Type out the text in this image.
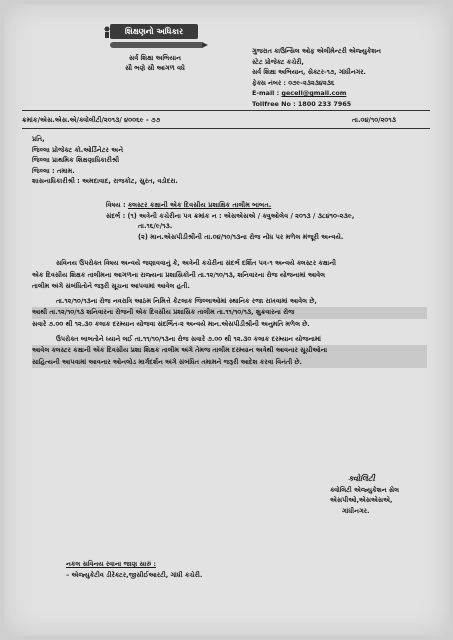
શિક્ષણનો અધિકાર
સર્વ શિક્ષા અભિયાન
સૌ ભણે સૌ આગળ વધે
ગુજરાત કાઉન્સિલ ઓફ એલીમેન્ટરી એજ્યુકેશન
સ્ટેટ પ્રોજેક્ટ કચેરી,
સર્વ શિક્ષા અભિયાન, સેક્ટર-૧૭, ગાંધીનગર.
ફેક્સ નંબર : ૦૭૯-૨૩૨૩૪૨૩૬
E-mail : gecell@gmail.com
Tollfree No : 1800 233 7965
ક્રમાંક/એસ.એસ.એ/ક્વોલીટી/૨૦૧૩/ ૪૦૦૬૯ - ૭૭	તા.૦૪/૧૦/૨૦૧૩
પ્રતિ,
જિલ્લા પ્રોજેક્ટ કો.ઓર્ડિનેટર અને
જિલ્લા પ્રાથમિક શિક્ષણાધિકારીશ્રી
જિલ્લા : તમામ.
શાસનાધિકારીશ્રી : અમદાવાદ, રાજકોટ, સુરત, વડોદરા.
વિષય : ક્લસ્ટર કક્ષાની એક દિવસીય પ્રશાક્ષિક તાલીમ બાબત.
સંદર્ભ : (૧) અત્રેની કચેરીના પત્ર ક્રમાંક ન : એસએસએ / ક્વુઓલેવ / ૨૦૧૩ / ૩૮૪૧૦-૨૩૯,
તા.૧૬/૯/૧૩.
(૨) માન.એસપીડીશ્રીની તા.૦૪/૧૦/૧૩ના રોજ નોંધ પર મળેલ મંજૂરી અન્વયે.
સવિનય ઉપરોક્ત વિષય અન્વયે જણાવવાનું કે, અત્રેની કચેરીના સંદર્ભ દર્શિત પત્ર-૧ અન્વયે ક્લસ્ટર કક્ષાની
એક દિવસીય શિક્ષક તાલીમના આગળના રાજ્યના પ્રશાસિકોની તા.૧૨/૧૦/૧૩, શનિવારના રોજ યોજનામાં આવેલ
તાલીમ અંગે સંબંધિતોને જરૂરી સૂચના આપવામાં આવેલ હતી.
તા.૧૨/૧૦/૧૩ના રોજ નવરાત્રિ આઠમ નિમિત્તે કેટલાક જિલ્લાઓમાં સ્થાનિક રજા રાખવામાં આવેલ છે,
આથી તા.૧૨/૧૦/૧૩ શનિવારના રોજની એક દિવસીય પ્રશાસિક તાલીમ તા.૧૧/૧૦/૧૩, શુક્રવારના રોજ
સવારે ૭.૦૦ થી ૧૨.૩૦ કલાક દરમ્યાન યોજવા સંદર્ભિત-૨ અન્વયે માન.એસપીડીશ્રીની અનુમતિ મળેલ છે.
ઉપરોક્ત બાબતોને ધ્યાને લઈ તા.૧૧/૧૦/૧૩ના રોજ સવારે ૭.૦૦ થી ૧૨.૩૦ કલાક દરમ્યાન યોજનામાં
આવેલ ક્લસ્ટર કક્ષાની એક દિવસીય પ્રશા શિક્ષક તાલીમ અંગે તેમજ તાલીમ દરમ્યાન અત્રેથી આવનાર સૂચીઓના
સાહિત્યની આપવામાં આવનાર ઓનલોડ માર્ગદર્શન અંગે સંબંધિત તમામને જરૂરી આદેશ કરવા વિનંતી છે.
ક્વોલિટી
ક્વોલિટી એજ્યુકેશન સેલ
એસપીઓ,એસએસએ,
ગાંધીનગર.
નકલ સવિનય રવાના જાણ સારું :
– એજ્યુકેટીવ ડીરેક્ટર,જીસીઈઆરટી, ગાંધી કચેરી.
